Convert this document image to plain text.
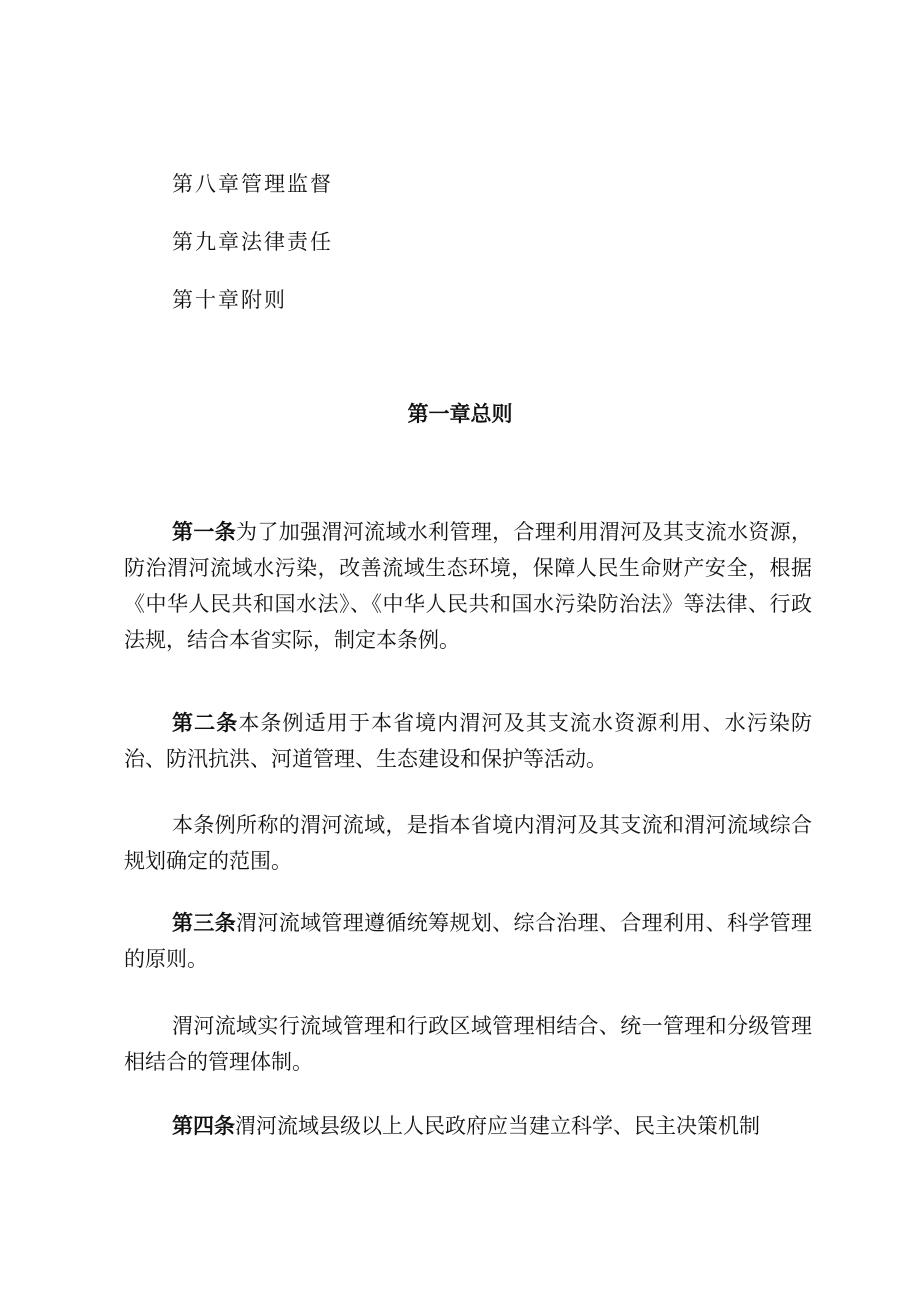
第八章管理监督
第九章法律责任
第十章附则
第一章总则

第一条为了加强渭河流域水利管理，合理利用渭河及其支流水资源，防治渭河流域水污染，改善流域生态环境，保障人民生命财产安全，根据《中华人民共和国水法》、《中华人民共和国水污染防治法》等法律、行政法规，结合本省实际，制定本条例。

第二条本条例适用于本省境内渭河及其支流水资源利用、水污染防治、防汛抗洪、河道管理、生态建设和保护等活动。

本条例所称的渭河流域，是指本省境内渭河及其支流和渭河流域综合规划确定的范围。

第三条渭河流域管理遵循统筹规划、综合治理、合理利用、科学管理的原则。

渭河流域实行流域管理和行政区域管理相结合、统一管理和分级管理相结合的管理体制。

第四条渭河流域县级以上人民政府应当建立科学、民主决策机制
